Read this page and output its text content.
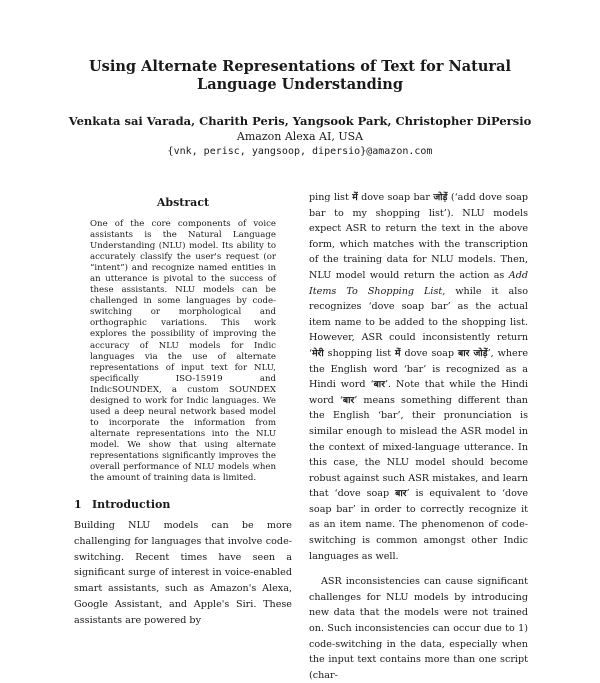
Using Alternate Representations of Text for Natural Language Understanding
Venkata sai Varada, Charith Peris, Yangsook Park, Christopher DiPersio
Amazon Alexa AI, USA
{vnk, perisc, yangsoop, dipersio}@amazon.com
Abstract
One of the core components of voice assistants is the Natural Language Understanding (NLU) model. Its ability to accurately classify the user's request (or “intent”) and recognize named entities in an utterance is pivotal to the success of these assistants. NLU models can be challenged in some languages by code-switching or morphological and orthographic variations. This work explores the possibility of improving the accuracy of NLU models for Indic languages via the use of alternate representations of input text for NLU, specifically ISO-15919 and IndicSOUNDEX, a custom SOUNDEX designed to work for Indic languages. We used a deep neural network based model to incorporate the information from alternate representations into the NLU model. We show that using alternate representations significantly improves the overall performance of NLU models when the amount of training data is limited.
1 Introduction
Building NLU models can be more challenging for languages that involve code-switching. Recent times have seen a significant surge of interest in voice-enabled smart assistants, such as Amazon's Alexa, Google Assistant, and Apple's Siri. These assistants are powered by

ping list में dove soap bar जोड़ें (‘add dove soap bar to my shopping list’). NLU models expect ASR to return the text in the above form, which matches with the transcription of the training data for NLU models. Then, NLU model would return the action as Add Items To Shopping List, while it also recognizes ‘dove soap bar’ as the actual item name to be added to the shopping list. However, ASR could inconsistently return ‘मेरी shopping list में dove soap बार जोड़ें’, where the English word ‘bar’ is recognized as a Hindi word ‘बार’. Note that while the Hindi word ‘बार’ means something different than the English ‘bar’, their pronunciation is similar enough to mislead the ASR model in the context of mixed-language utterance. In this case, the NLU model should become robust against such ASR mistakes, and learn that ‘dove soap बार’ is equivalent to ‘dove soap bar’ in order to correctly recognize it as an item name. The phenomenon of code-switching is common amongst other Indic languages as well.

ASR inconsistencies can cause significant challenges for NLU models by introducing new data that the models were not trained on. Such inconsistencies can occur due to 1) code-switching in the data, especially when the input text contains more than one script (char-
